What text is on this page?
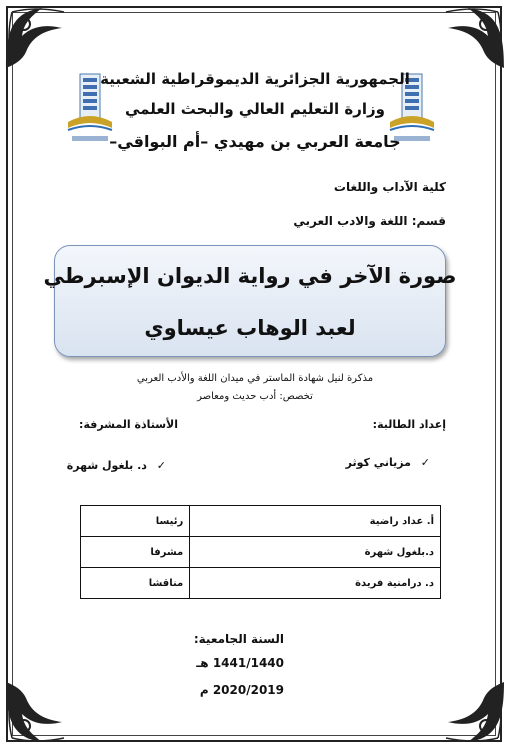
الجمهورية الجزائرية الديموقراطية الشعبية
وزارة التعليم العالي والبحث العلمي
جامعة العربي بن مهيدي –أم البواقي–
كلية الآداب واللغات
قسم: اللغة والادب العربي
صورة الآخر في رواية الديوان الإسبرطي
لعبد الوهاب عيساوي
مذكرة لنيل شهادة الماستر في ميدان اللغة والأدب العربي
تخصص: أدب حديث ومعاصر
إعداد الطالبة:
الأستاذة المشرفة:
✓ مزياني كوثر
✓ د. بلغول شهرة
أ. عداد راضية	رئيسا
د.بلغول شهرة	مشرفا
د. درامنية فريدة	مناقشا
السنة الجامعية:
1441/1440 هـ
2020/2019 م
